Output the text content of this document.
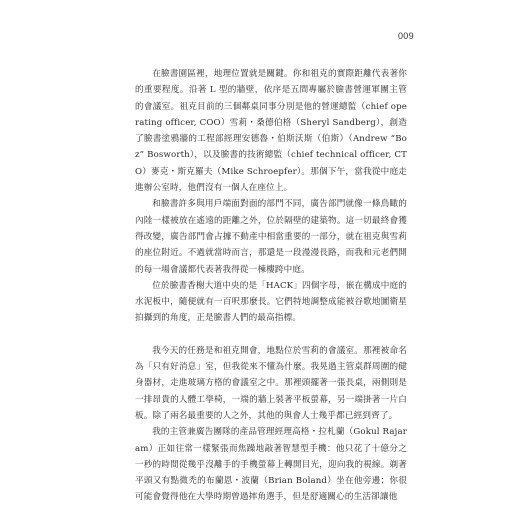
009

在臉書園區裡，地理位置就是關鍵。你和祖克的實際距離代表著你的重要程度。沿著 L 型的牆壁，依序是五間專屬於臉書營運軍團主管的會議室。祖克目前的三個鄰桌同事分別是他的營運總監（chief operating officer, COO）雪莉・桑德伯格（Sheryl Sandberg），創造了臉書塗鴉牆的工程部經理安德魯・伯斯沃斯（伯斯）（Andrew “Boz” Bosworth），以及臉書的技術總監（chief technical officer, CTO）麥克・斯克羅夫（Mike Schroepfer）。那個下午，當我從中庭走進辦公室時，他們沒有一個人在座位上。

和臉書許多與用戶端面對面的部門不同，廣告部門就像一條鳥瞰的內陸一樣被放在遙遠的距離之外，位於隔壁的建築物。這一切最終會獲得改變，廣告部門會占據不動產中相當重要的一部分，就在祖克與雪莉的座位附近。不過就當時而言，那還是一段漫漫長路，而我和元老們開的每一場會議都代表著我得從一棟樓跨中庭。

位於臉書香榭大道中央的是「HACK」四個字母，嵌在構成中庭的水泥板中，隨便就有一百呎那麼長。它們特地調整成能被谷歌地圖衛星拍攝到的角度，正是臉書人們的最高指標。

我今天的任務是和祖克開會，地點位於雪莉的會議室。那裡被命名為「只有好消息」室，但我從來不懂為什麼。我晃過主管桌群周圍的健身器材，走進玻璃方格的會議室之中。那裡頭擺著一張長桌，兩側則是一排昂貴的人體工學椅，一端的牆上裝著平板螢幕，另一端掛著一片白板。除了兩名最重要的人之外，其他的與會人士幾乎都已經到齊了。

我的主管兼廣告團隊的產品管理經理高格・拉札蘭（Gokul Rajaram）正如往常一樣緊張而焦躁地敲著智慧型手機：他只花了十億分之一秒的時間從幾乎沒離手的手機螢幕上轉開目光，迎向我的視線。剃著平頭又有點微禿的布蘭恩・波蘭（Brian Boland）坐在他旁邊；你很可能會覺得他在大學時期曾過摔角選手，但是舒適關心的生活卻讓他
